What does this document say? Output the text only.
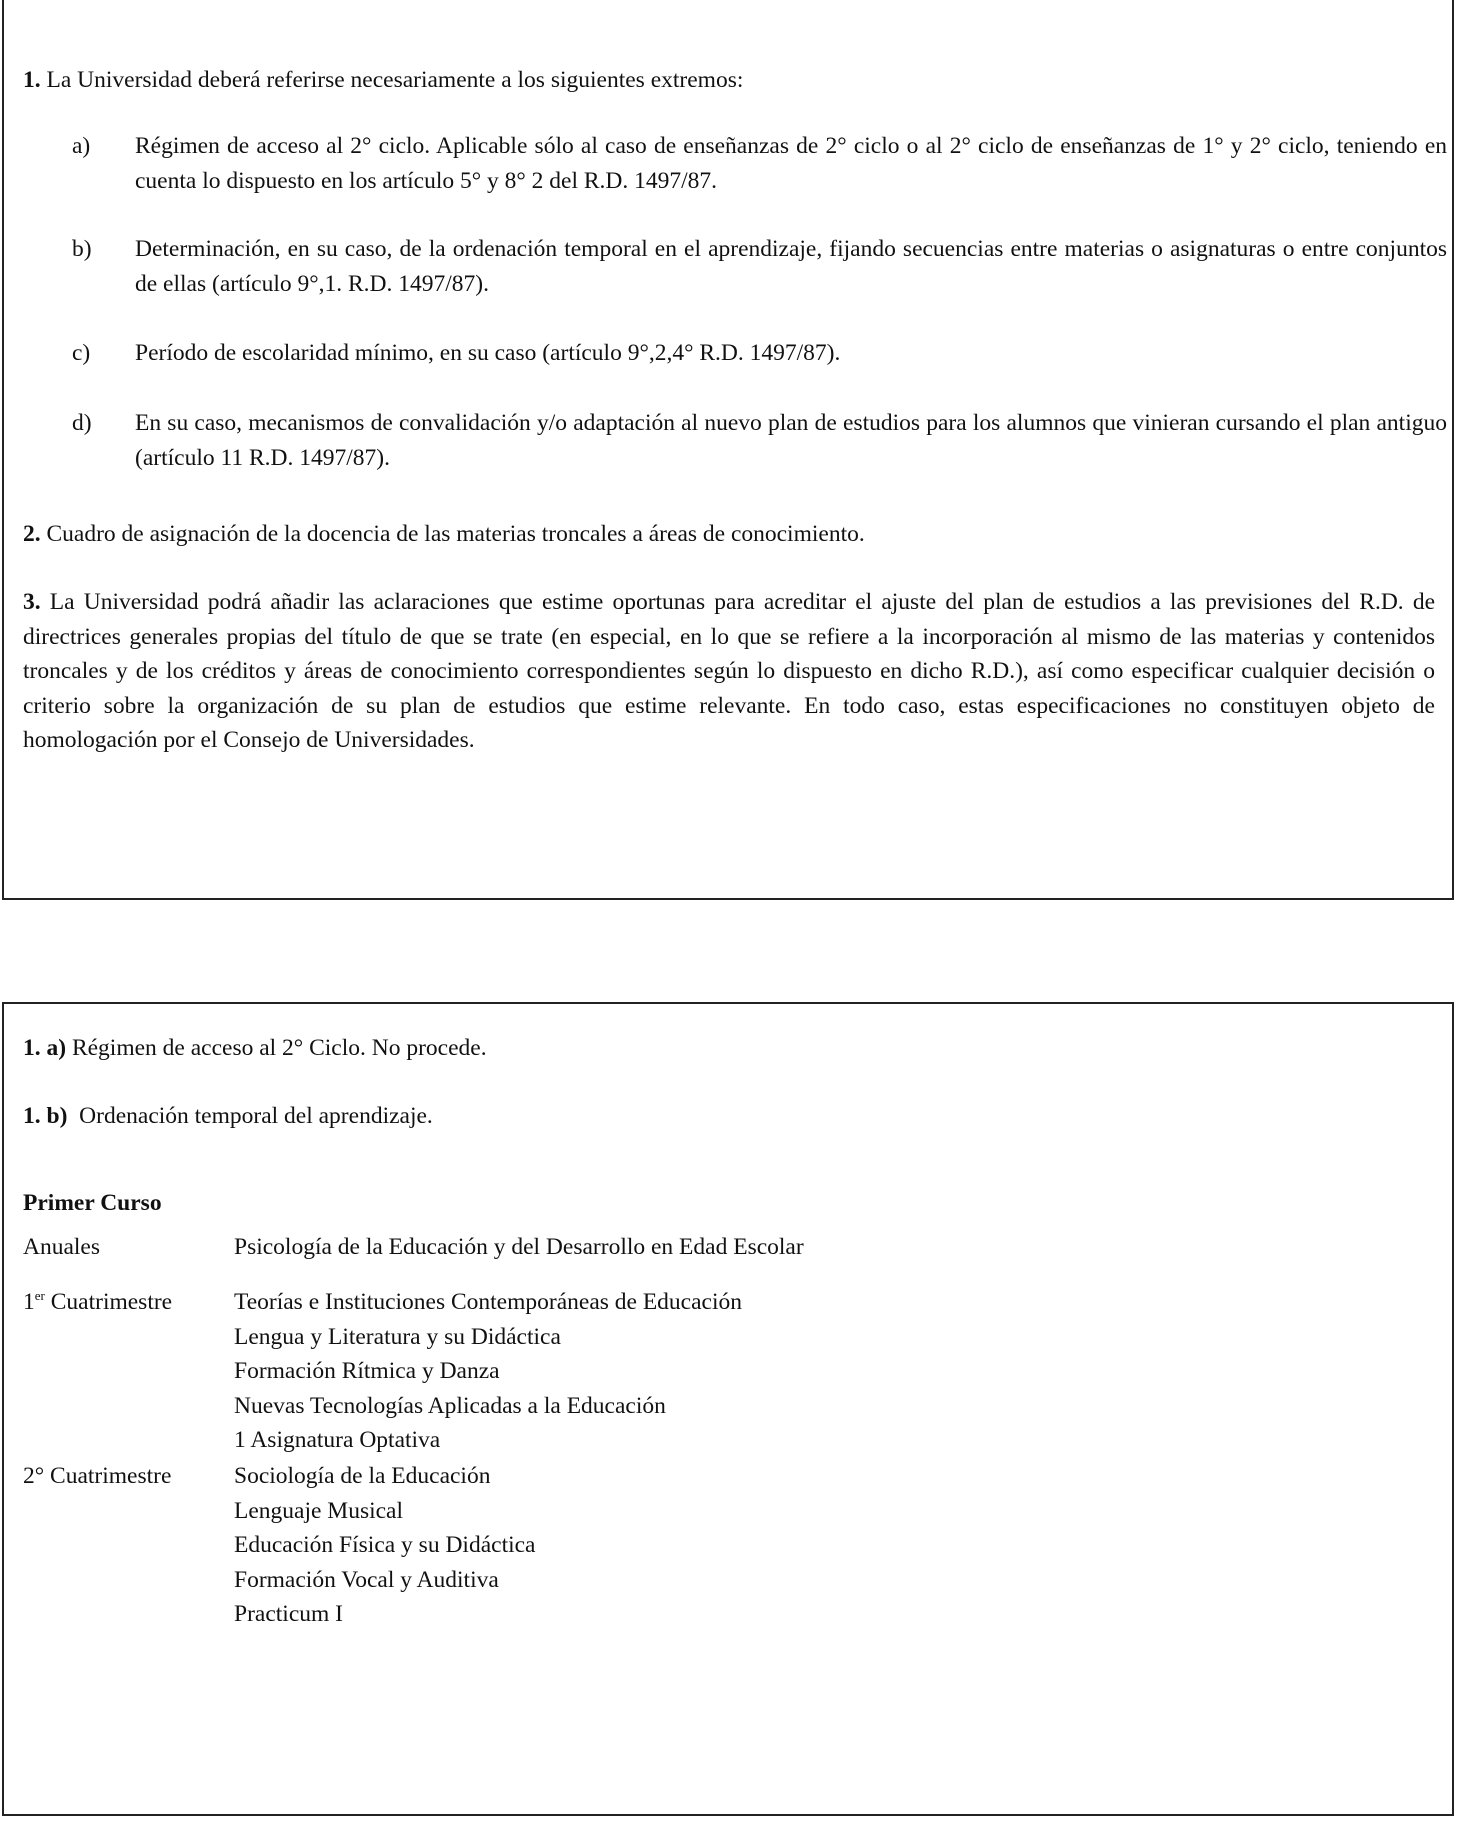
1. La Universidad deberá referirse necesariamente a los siguientes extremos:

a) Régimen de acceso al 2° ciclo. Aplicable sólo al caso de enseñanzas de 2° ciclo o al 2° ciclo de enseñanzas de 1° y 2° ciclo, teniendo en cuenta lo dispuesto en los artículo 5° y 8° 2 del R.D. 1497/87.
b) Determinación, en su caso, de la ordenación temporal en el aprendizaje, fijando secuencias entre materias o asignaturas o entre conjuntos de ellas (artículo 9°,1. R.D. 1497/87).
c) Período de escolaridad mínimo, en su caso (artículo 9°,2,4° R.D. 1497/87).
d) En su caso, mecanismos de convalidación y/o adaptación al nuevo plan de estudios para los alumnos que vinieran cursando el plan antiguo (artículo 11 R.D. 1497/87).

2. Cuadro de asignación de la docencia de las materias troncales a áreas de conocimiento.

3. La Universidad podrá añadir las aclaraciones que estime oportunas para acreditar el ajuste del plan de estudios a las previsiones del R.D. de directrices generales propias del título de que se trate (en especial, en lo que se refiere a la incorporación al mismo de las materias y contenidos troncales y de los créditos y áreas de conocimiento correspondientes según lo dispuesto en dicho R.D.), así como especificar cualquier decisión o criterio sobre la organización de su plan de estudios que estime relevante. En todo caso, estas especificaciones no constituyen objeto de homologación por el Consejo de Universidades.

1. a) Régimen de acceso al 2° Ciclo. No procede.

1. b) Ordenación temporal del aprendizaje.

Primer Curso

Anuales	Psicología de la Educación y del Desarrollo en Edad Escolar
1er Cuatrimestre	Teorías e Instituciones Contemporáneas de Educación
Lengua y Literatura y su Didáctica
Formación Rítmica y Danza
Nuevas Tecnologías Aplicadas a la Educación
1 Asignatura Optativa
2° Cuatrimestre	Sociología de la Educación
Lenguaje Musical
Educación Física y su Didáctica
Formación Vocal y Auditiva
Practicum I
